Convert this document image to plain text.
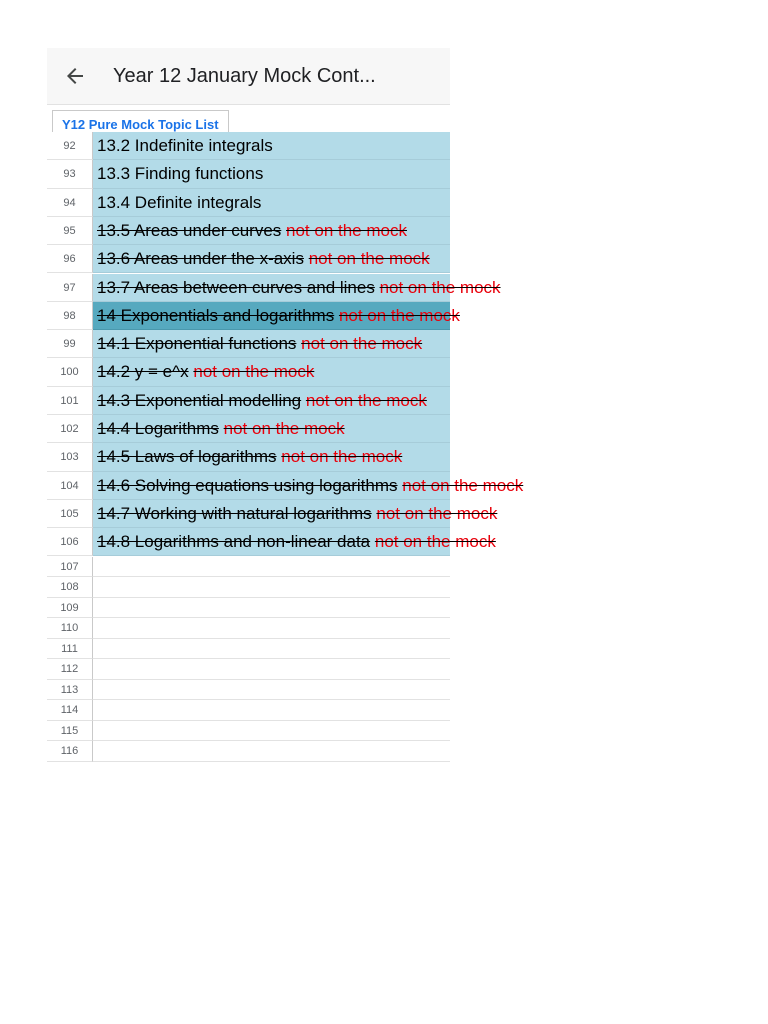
Year 12 January Mock Cont...
Y12 Pure Mock Topic List
92	13.2 Indefinite integrals
93	13.3 Finding functions
94	13.4 Definite integrals
95	13.5 Areas under curves not on the mock
96	13.6 Areas under the x-axis not on the mock
97	13.7 Areas between curves and lines not on the mock
98	14 Exponentials and logarithms not on the mock
99	14.1 Exponential functions not on the mock
100	14.2 y = e^x not on the mock
101	14.3 Exponential modelling not on the mock
102	14.4 Logarithms not on the mock
103	14.5 Laws of logarithms not on the mock
104	14.6 Solving equations using logarithms not on the mock
105	14.7 Working with natural logarithms not on the mock
106	14.8 Logarithms and non-linear data not on the mock
107
108
109
110
111
112
113
114
115
116
